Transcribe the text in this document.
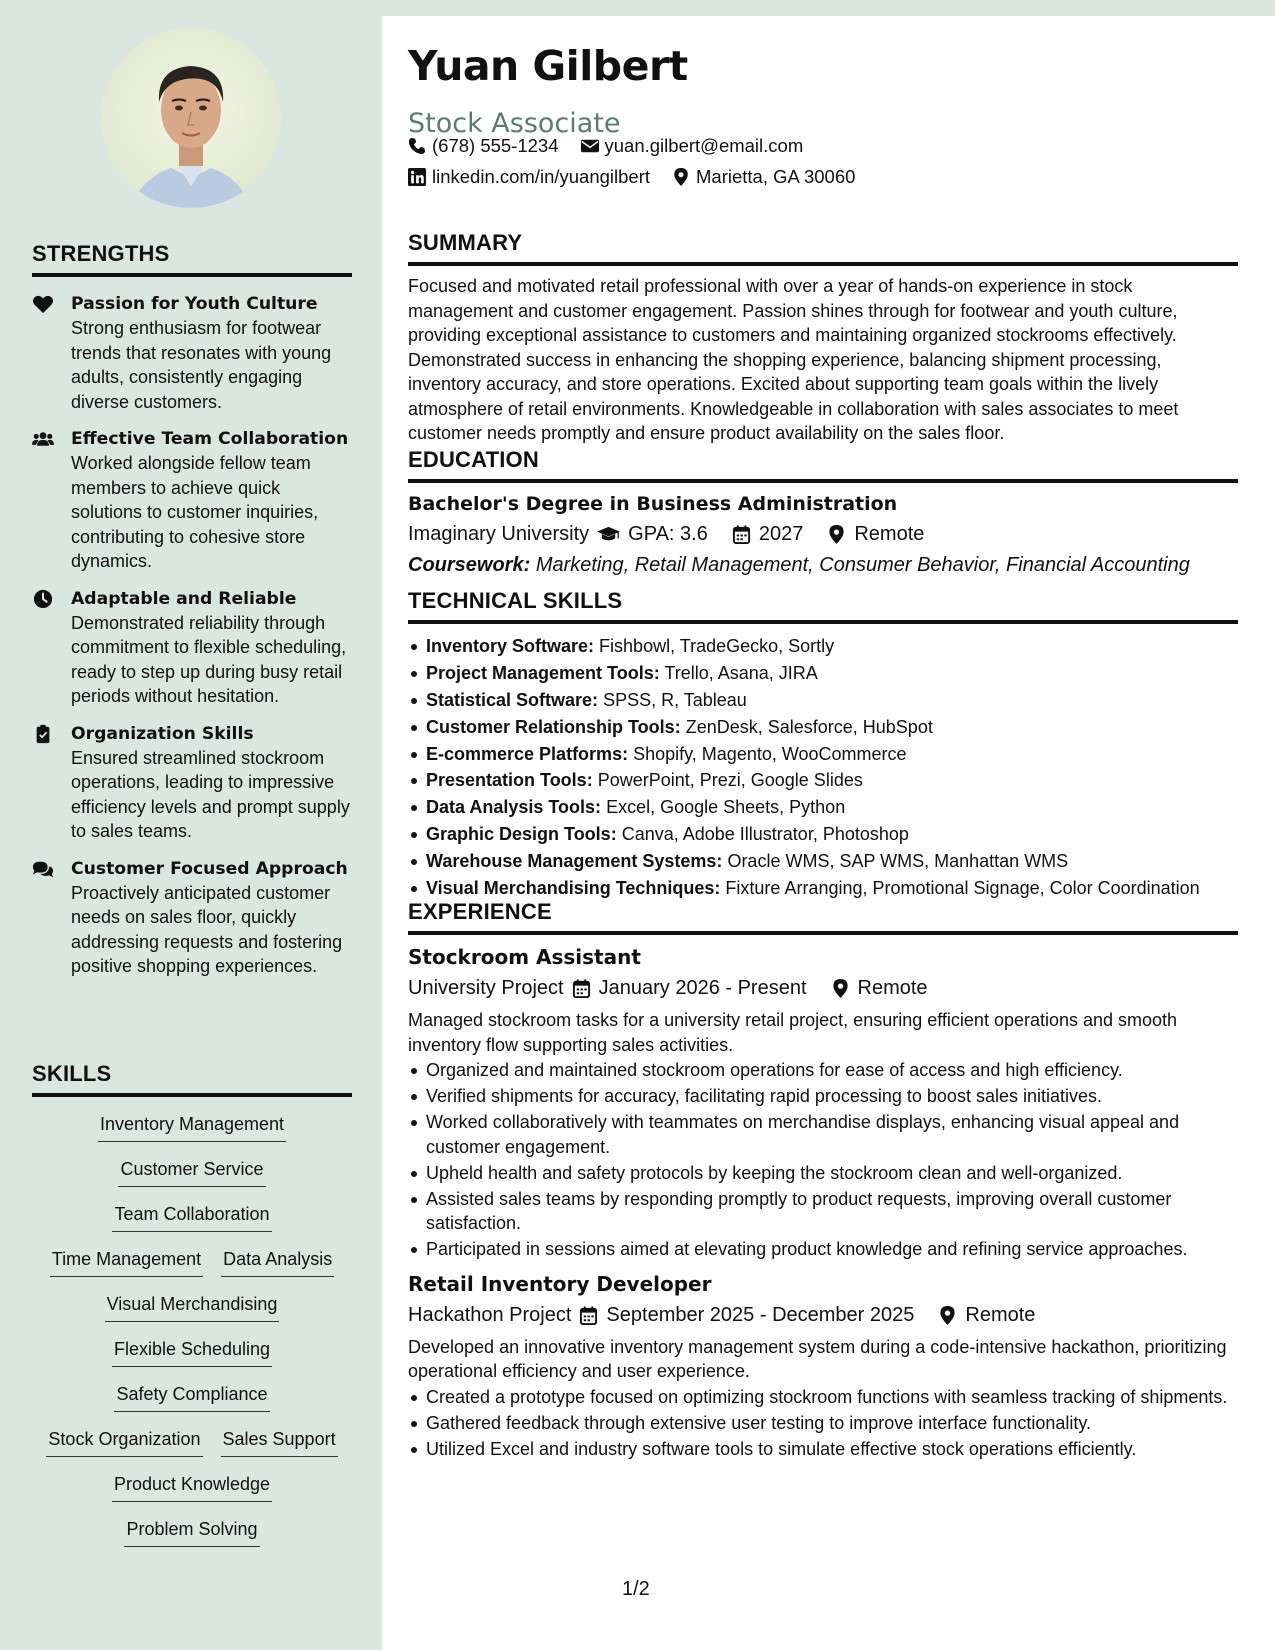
STRENGTHS
Passion for Youth Culture
Strong enthusiasm for footwear trends that resonates with young adults, consistently engaging diverse customers.
Effective Team Collaboration
Worked alongside fellow team members to achieve quick solutions to customer inquiries, contributing to cohesive store dynamics.
Adaptable and Reliable
Demonstrated reliability through commitment to flexible scheduling, ready to step up during busy retail periods without hesitation.
Organization Skills
Ensured streamlined stockroom operations, leading to impressive efficiency levels and prompt supply to sales teams.
Customer Focused Approach
Proactively anticipated customer needs on sales floor, quickly addressing requests and fostering positive shopping experiences.
SKILLS
Inventory Management
Customer Service
Team Collaboration
Time Management Data Analysis
Visual Merchandising
Flexible Scheduling
Safety Compliance
Stock Organization Sales Support
Product Knowledge
Problem Solving
Yuan Gilbert
Stock Associate
(678) 555-1234 yuan.gilbert@email.com
linkedin.com/in/yuangilbert Marietta, GA 30060
SUMMARY
Focused and motivated retail professional with over a year of hands-on experience in stock management and customer engagement. Passion shines through for footwear and youth culture, providing exceptional assistance to customers and maintaining organized stockrooms effectively. Demonstrated success in enhancing the shopping experience, balancing shipment processing, inventory accuracy, and store operations. Excited about supporting team goals within the lively atmosphere of retail environments. Knowledgeable in collaboration with sales associates to meet customer needs promptly and ensure product availability on the sales floor.
EDUCATION
Bachelor's Degree in Business Administration
Imaginary University GPA: 3.6	2027	Remote
Coursework: Marketing, Retail Management, Consumer Behavior, Financial Accounting
TECHNICAL SKILLS
Inventory Software: Fishbowl, TradeGecko, Sortly
Project Management Tools: Trello, Asana, JIRA
Statistical Software: SPSS, R, Tableau
Customer Relationship Tools: ZenDesk, Salesforce, HubSpot
E-commerce Platforms: Shopify, Magento, WooCommerce
Presentation Tools: PowerPoint, Prezi, Google Slides
Data Analysis Tools: Excel, Google Sheets, Python
Graphic Design Tools: Canva, Adobe Illustrator, Photoshop
Warehouse Management Systems: Oracle WMS, SAP WMS, Manhattan WMS
Visual Merchandising Techniques: Fixture Arranging, Promotional Signage, Color Coordination
EXPERIENCE
Stockroom Assistant
University Project January 2026 - Present	Remote
Managed stockroom tasks for a university retail project, ensuring efficient operations and smooth inventory flow supporting sales activities.
Organized and maintained stockroom operations for ease of access and high efficiency.
Verified shipments for accuracy, facilitating rapid processing to boost sales initiatives.
Worked collaboratively with teammates on merchandise displays, enhancing visual appeal and customer engagement.
Upheld health and safety protocols by keeping the stockroom clean and well-organized.
Assisted sales teams by responding promptly to product requests, improving overall customer satisfaction.
Participated in sessions aimed at elevating product knowledge and refining service approaches.
Retail Inventory Developer
Hackathon Project September 2025 - December 2025	Remote
Developed an innovative inventory management system during a code-intensive hackathon, prioritizing operational efficiency and user experience.
Created a prototype focused on optimizing stockroom functions with seamless tracking of shipments.
Gathered feedback through extensive user testing to improve interface functionality.
Utilized Excel and industry software tools to simulate effective stock operations efficiently.
1/2
